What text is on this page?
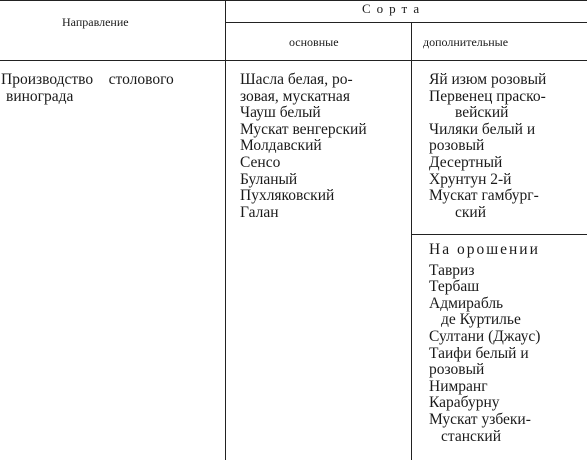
Направление
Сорта
основные	дополнительные
Производство    столового
винограда
Шасла белая, ро-
зовая, мускатная
Чауш белый
Мускат венгерский
Молдавский
Сенсо
Буланый
Пухляковский
Галан
Яй изюм розовый
Первенец праско-
вейский
Чиляки белый и
розовый
Десертный
Хрунтун 2-й
Мускат гамбург-
ский
На орошении
Тавриз
Тербаш
Адмирабль
де Куртилье
Султани (Джаус)
Таифи белый и
розовый
Нимранг
Карабурну
Мускат узбеки-
станский
